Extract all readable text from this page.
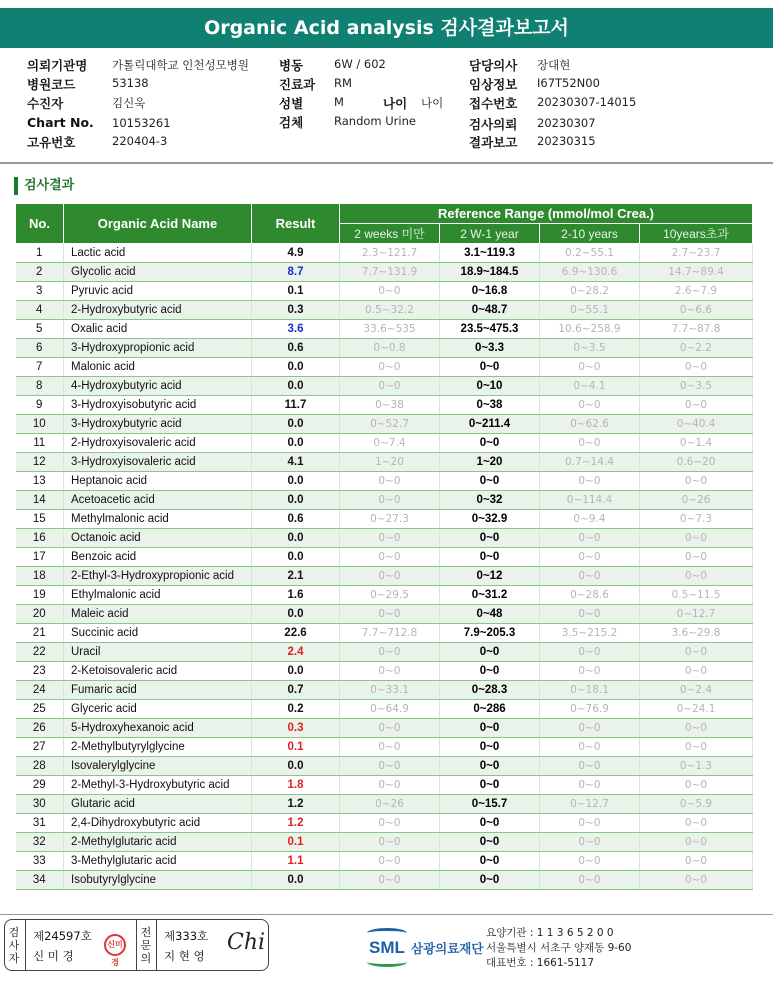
Organic Acid analysis 검사결과보고서
의뢰기관명 가톨릭대학교 인천성모병원
병원코드	53138
수진자	김신욱
Chart No. 10153261
고유번호	220404-3
병동	6W / 602
진료과 RM
성별	M	나이 나이
검체	Random Urine
담당의사 장대현
임상정보 I67T52N00
접수번호 20230307-14015
검사의뢰 20230307
결과보고 20230315
검사결과
No.	Organic Acid Name	Result	Reference Range (mmol/mol Crea.)			
			2 weeks 미만	2 W-1 year	2-10 years	10years초과
1	Lactic acid	4.9	2.3~121.7	3.1~119.3	0.2~55.1	2.7~23.7
2	Glycolic acid	8.7	7.7~131.9	18.9~184.5	6.9~130.6	14.7~89.4
3	Pyruvic acid	0.1	0~0	0~16.8	0~28.2	2.6~7.9
4	2-Hydroxybutyric acid	0.3	0.5~32.2	0~48.7	0~55.1	0~6.6
5	Oxalic acid	3.6	33.6~535	23.5~475.3	10.6~258.9	7.7~87.8
6	3-Hydroxypropionic acid	0.6	0~0.8	0~3.3	0~3.5	0~2.2
7	Malonic acid	0.0	0~0	0~0	0~0	0~0
8	4-Hydroxybutyric acid	0.0	0~0	0~10	0~4.1	0~3.5
9	3-Hydroxyisobutyric acid	11.7	0~38	0~38	0~0	0~0
10	3-Hydroxybutyric acid	0.0	0~52.7	0~211.4	0~62.6	0~40.4
11	2-Hydroxyisovaleric acid	0.0	0~7.4	0~0	0~0	0~1.4
12	3-Hydroxyisovaleric acid	4.1	1~20	1~20	0.7~14.4	0.6~20
13	Heptanoic acid	0.0	0~0	0~0	0~0	0~0
14	Acetoacetic acid	0.0	0~0	0~32	0~114.4	0~26
15	Methylmalonic acid	0.6	0~27.3	0~32.9	0~9.4	0~7.3
16	Octanoic acid	0.0	0~0	0~0	0~0	0~0
17	Benzoic acid	0.0	0~0	0~0	0~0	0~0
18	2-Ethyl-3-Hydroxypropionic acid	2.1	0~0	0~12	0~0	0~0
19	Ethylmalonic acid	1.6	0~29.5	0~31.2	0~28.6	0.5~11.5
20	Maleic acid	0.0	0~0	0~48	0~0	0~12.7
21	Succinic acid	22.6	7.7~712.8	7.9~205.3	3.5~215.2	3.6~29.8
22	Uracil	2.4	0~0	0~0	0~0	0~0
23	2-Ketoisovaleric acid	0.0	0~0	0~0	0~0	0~0
24	Fumaric acid	0.7	0~33.1	0~28.3	0~18.1	0~2.4
25	Glyceric acid	0.2	0~64.9	0~286	0~76.9	0~24.1
26	5-Hydroxyhexanoic acid	0.3	0~0	0~0	0~0	0~0
27	2-Methylbutyrylglycine	0.1	0~0	0~0	0~0	0~0
28	Isovalerylglycine	0.0	0~0	0~0	0~0	0~1.3
29	2-Methyl-3-Hydroxybutyric acid	1.8	0~0	0~0	0~0	0~0
30	Glutaric acid	1.2	0~26	0~15.7	0~12.7	0~5.9
31	2,4-Dihydroxybutyric acid	1.2	0~0	0~0	0~0	0~0
32	2-Methylglutaric acid	0.1	0~0	0~0	0~0	0~0
33	3-Methylglutaric acid	1.1	0~0	0~0	0~0	0~0
34	Isobutyrylglycine	0.0	0~0	0~0	0~0	0~0
검사자
제24597호
신 미 경
신미경
전문의
제333호
지 현 영
Chi	SML 삼광의료재단
요양기관 : 1 1 3 6 5 2 0 0
서울특별시 서초구 양재동 9-60
대표번호 : 1661-5117
